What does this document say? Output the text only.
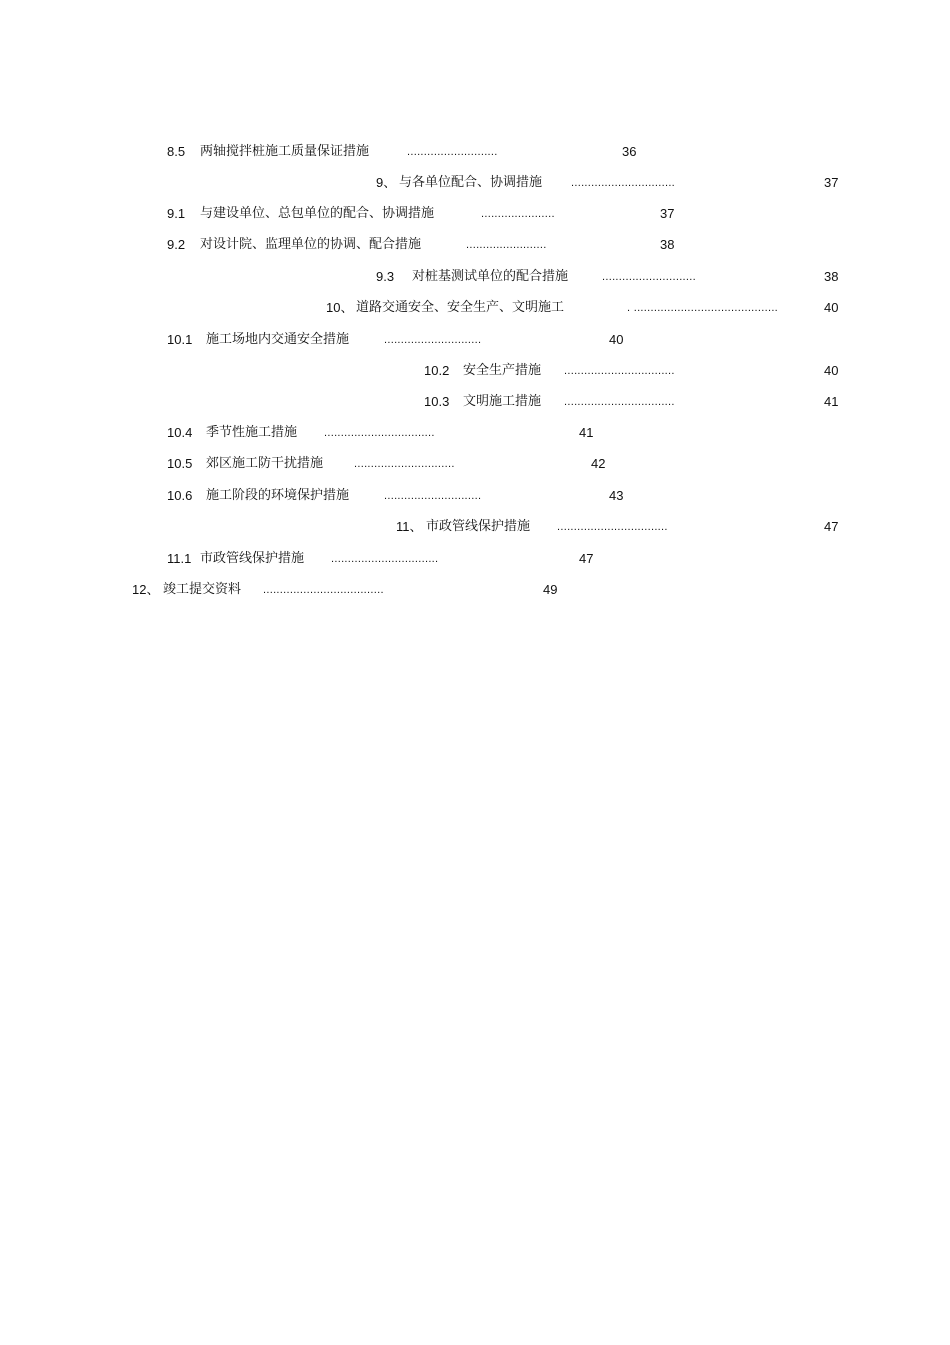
8.5 两轴搅拌桩施工质量保证措施	...........................	36
9、 与各单位配合、协调措施	...............................	37
9.1 与建设单位、总包单位的配合、协调措施	......................	37
9.2 对设计院、监理单位的协调、配合措施	........................	38
9.3 对桩基测试单位的配合措施	............................	38
10、 道路交通安全、安全生产、文明施工	. ...........................................	40
10.1 施工场地内交通安全措施	.............................	40
10.2 安全生产措施 .................................	40
10.3 文明施工措施 .................................	41
10.4 季节性施工措施 .................................	41
10.5 郊区施工防干扰措施	..............................	42
10.6 施工阶段的环境保护措施	.............................	43
11、 市政管线保护措施 .................................	47
11.1 市政管线保护措施 ................................	47
12、 竣工提交资料 ....................................	49
